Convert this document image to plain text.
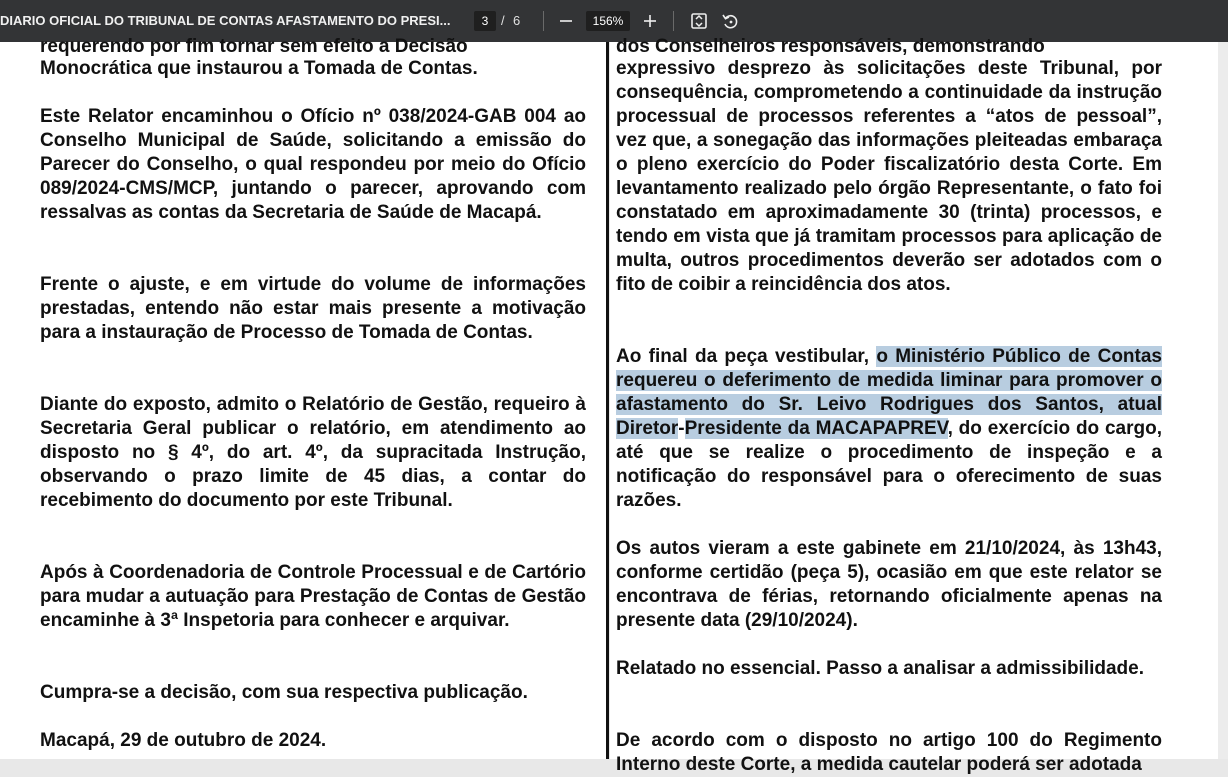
DIARIO OFICIAL DO TRIBUNAL DE CONTAS AFASTAMENTO DO PRESI...	3 / 6	156%
requerendo por fim tornar sem efeito a Decisão

Monocrática que instaurou a Tomada de Contas.

Este Relator encaminhou o Ofício nº 038/2024-GAB 004 ao Conselho Municipal de Saúde, solicitando a emissão do Parecer do Conselho, o qual respondeu por meio do Ofício 089/2024-CMS/MCP, juntando o parecer, aprovando com ressalvas as contas da Secretaria de Saúde de Macapá.

Frente o ajuste, e em virtude do volume de informações prestadas, entendo não estar mais presente a motivação para a instauração de Processo de Tomada de Contas.

Diante do exposto, admito o Relatório de Gestão, requeiro à Secretaria Geral publicar o relatório, em atendimento ao disposto no § 4º, do art. 4º, da supracitada Instrução, observando o prazo limite de 45 dias, a contar do recebimento do documento por este Tribunal.

Após à Coordenadoria de Controle Processual e de Cartório para mudar a autuação para Prestação de Contas de Gestão encaminhe à 3ª Inspetoria para conhecer e arquivar.

Cumpra-se a decisão, com sua respectiva publicação.

Macapá, 29 de outubro de 2024.

dos Conselheiros responsáveis, demonstrando

expressivo desprezo às solicitações deste Tribunal, por consequência, comprometendo a continuidade da instrução processual de processos referentes a “atos de pessoal”, vez que, a sonegação das informações pleiteadas embaraça o pleno exercício do Poder fiscalizatório desta Corte. Em levantamento realizado pelo órgão Representante, o fato foi constatado em aproximadamente 30 (trinta) processos, e tendo em vista que já tramitam processos para aplicação de multa, outros procedimentos deverão ser adotados com o fito de coibir a reincidência dos atos.

Ao final da peça vestibular, o Ministério Público de Contas requereu o deferimento de medida liminar para promover o afastamento do Sr. Leivo Rodrigues dos Santos, atual Diretor-Presidente da MACAPAPREV, do exercício do cargo, até que se realize o procedimento de inspeção e a notificação do responsável para o oferecimento de suas razões.

Os autos vieram a este gabinete em 21/10/2024, às 13h43, conforme certidão (peça 5), ocasião em que este relator se encontrava de férias, retornando oficialmente apenas na presente data (29/10/2024).

Relatado no essencial. Passo a analisar a admissibilidade.

De acordo com o disposto no artigo 100 do Regimento Interno deste Corte, a medida cautelar poderá ser adotada
